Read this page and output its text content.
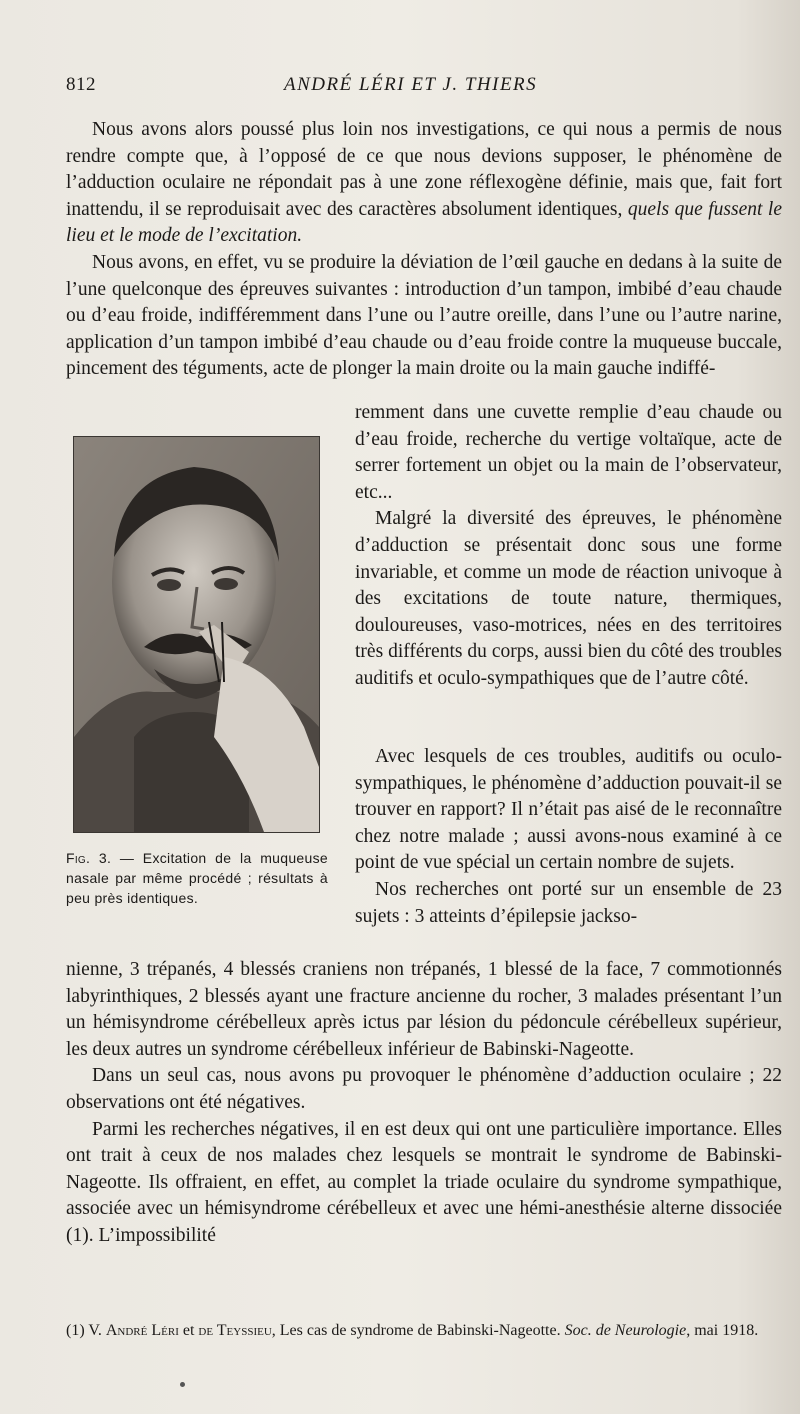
812	ANDRÉ LÉRI ET J. THIERS

Nous avons alors poussé plus loin nos investigations, ce qui nous a permis de nous rendre compte que, à l’opposé de ce que nous devions supposer, le phénomène de l’adduction oculaire ne répondait pas à une zone réflexogène définie, mais que, fait fort inattendu, il se reproduisait avec des caractères absolument identiques, quels que fussent le lieu et le mode de l’excitation.

Nous avons, en effet, vu se produire la déviation de l’œil gauche en dedans à la suite de l’une quelconque des épreuves suivantes : introduction d’un tampon, imbibé d’eau chaude ou d’eau froide, indifféremment dans l’une ou l’autre oreille, dans l’une ou l’autre narine, application d’un tampon imbibé d’eau chaude ou d’eau froide contre la muqueuse buccale, pincement des téguments, acte de plonger la main droite ou la main gauche indiffé-

Fig. 3. — Excitation de la muqueuse nasale par même procédé ; résultats à peu près identiques.

remment dans une cuvette remplie d’eau chaude ou d’eau froide, recherche du vertige voltaïque, acte de serrer fortement un objet ou la main de l’observateur, etc...

Malgré la diversité des épreuves, le phénomène d’adduction se présentait donc sous une forme invariable, et comme un mode de réaction univoque à des excitations de toute nature, thermiques, douloureuses, vaso-motrices, nées en des territoires très différents du corps, aussi bien du côté des troubles auditifs et oculo-sympathiques que de l’autre côté.

Avec lesquels de ces troubles, auditifs ou oculo-sympathiques, le phénomène d’adduction pouvait-il se trouver en rapport? Il n’était pas aisé de le reconnaître chez notre malade ; aussi avons-nous examiné à ce point de vue spécial un certain nombre de sujets.

Nos recherches ont porté sur un ensemble de 23 sujets : 3 atteints d’épilepsie jackso-

nienne, 3 trépanés, 4 blessés craniens non trépanés, 1 blessé de la face, 7 commotionnés labyrinthiques, 2 blessés ayant une fracture ancienne du rocher, 3 malades présentant l’un un hémisyndrome cérébelleux après ictus par lésion du pédoncule cérébelleux supérieur, les deux autres un syndrome cérébelleux inférieur de Babinski-Nageotte.

Dans un seul cas, nous avons pu provoquer le phénomène d’adduction oculaire ; 22 observations ont été négatives.

Parmi les recherches négatives, il en est deux qui ont une particulière importance. Elles ont trait à ceux de nos malades chez lesquels se montrait le syndrome de Babinski-Nageotte. Ils offraient, en effet, au complet la triade oculaire du syndrome sympathique, associée avec un hémisyndrome cérébelleux et avec une hémi-anesthésie alterne dissociée (1). L’impossibilité

(1) V. André Léri et de Teyssieu, Les cas de syndrome de Babinski-Nageotte. Soc. de Neurologie, mai 1918.
